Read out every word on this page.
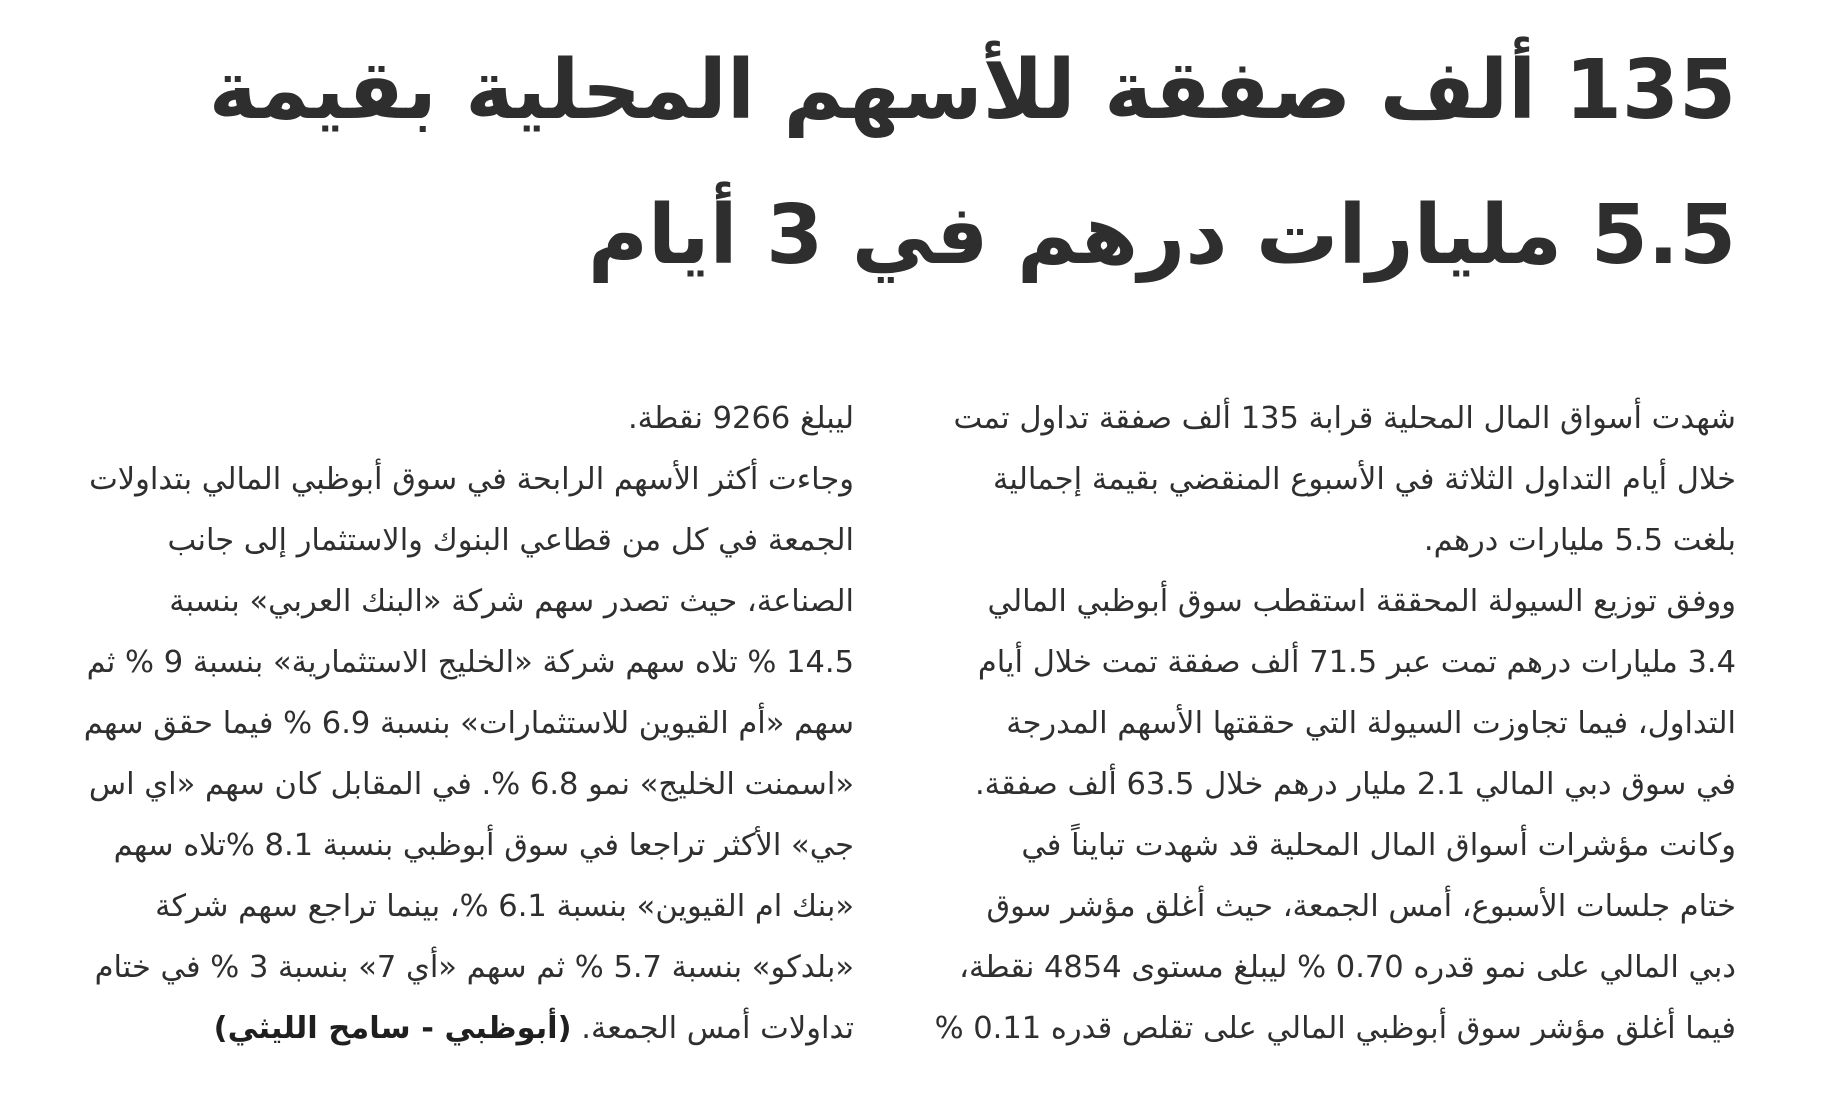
135 ألف صفقة للأسهم المحلية بقيمة
5.5 مليارات درهم في 3 أيام
شهدت أسواق المال المحلية قرابة 135 ألف صفقة تداول تمت
خلال أيام التداول الثلاثة في الأسبوع المنقضي بقيمة إجمالية
بلغت 5.5 مليارات درهم.
ووفق توزيع السيولة المحققة استقطب سوق أبوظبي المالي
3.4 مليارات درهم تمت عبر 71.5 ألف صفقة تمت خلال أيام
التداول، فيما تجاوزت السيولة التي حققتها الأسهم المدرجة
في سوق دبي المالي 2.1 مليار درهم خلال 63.5 ألف صفقة.
وكانت مؤشرات أسواق المال المحلية قد شهدت تبايناً في
ختام جلسات الأسبوع، أمس الجمعة، حيث أغلق مؤشر سوق
دبي المالي على نمو قدره 0.70 % ليبلغ مستوى 4854 نقطة،
فيما أغلق مؤشر سوق أبوظبي المالي على تقلص قدره 0.11 %
ليبلغ 9266 نقطة.
وجاءت أكثر الأسهم الرابحة في سوق أبوظبي المالي بتداولات
الجمعة في كل من قطاعي البنوك والاستثمار إلى جانب
الصناعة، حيث تصدر سهم شركة «البنك العربي» بنسبة
14.5 % تلاه سهم شركة «الخليج الاستثمارية» بنسبة 9 % ثم
سهم «أم القيوين للاستثمارات» بنسبة 6.9 % فيما حقق سهم
«اسمنت الخليج» نمو 6.8 %. في المقابل كان سهم «اي اس
جي» الأكثر تراجعا في سوق أبوظبي بنسبة 8.1 %تلاه سهم
«بنك ام القيوين» بنسبة 6.1 %، بينما تراجع سهم شركة
«بلدكو» بنسبة 5.7 % ثم سهم «أي 7» بنسبة 3 % في ختام
تداولات أمس الجمعة. (أبوظبي - سامح الليثي)
